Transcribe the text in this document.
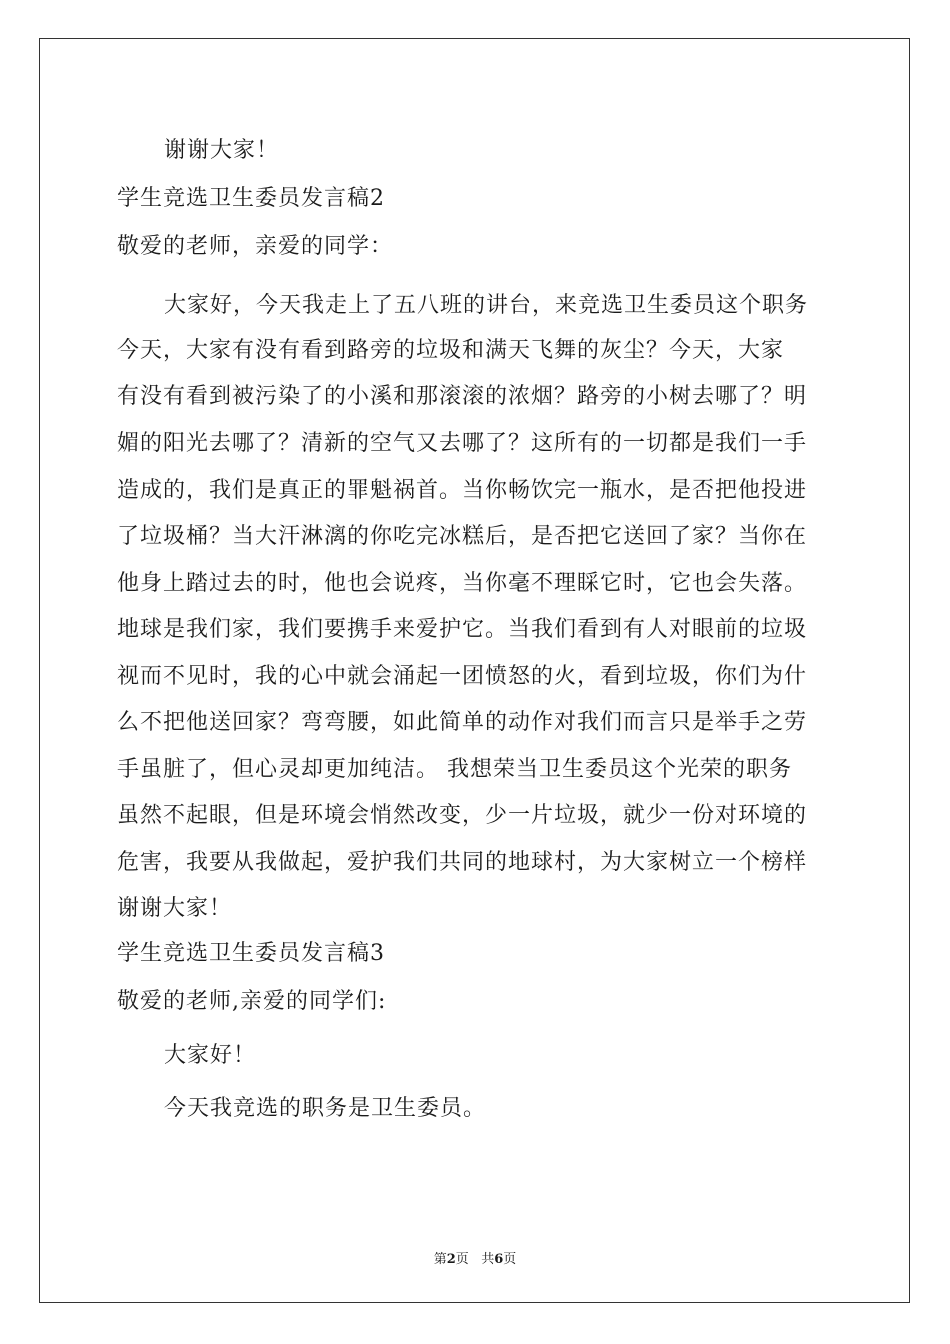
谢谢大家！
学生竞选卫生委员发言稿2
敬爱的老师，亲爱的同学：
大家好，今天我走上了五八班的讲台，来竞选卫生委员这个职务
今天，大家有没有看到路旁的垃圾和满天飞舞的灰尘？今天，大家
有没有看到被污染了的小溪和那滚滚的浓烟？路旁的小树去哪了？明
媚的阳光去哪了？清新的空气又去哪了？这所有的一切都是我们一手
造成的，我们是真正的罪魁祸首。当你畅饮完一瓶水，是否把他投进
了垃圾桶？当大汗淋漓的你吃完冰糕后，是否把它送回了家？当你在
他身上踏过去的时，他也会说疼，当你毫不理睬它时，它也会失落。
地球是我们家，我们要携手来爱护它。当我们看到有人对眼前的垃圾
视而不见时，我的心中就会涌起一团愤怒的火，看到垃圾，你们为什
么不把他送回家？弯弯腰，如此简单的动作对我们而言只是举手之劳
手虽脏了，但心灵却更加纯洁。 我想荣当卫生委员这个光荣的职务
虽然不起眼，但是环境会悄然改变，少一片垃圾，就少一份对环境的
危害，我要从我做起，爱护我们共同的地球村，为大家树立一个榜样
谢谢大家！
学生竞选卫生委员发言稿3
敬爱的老师,亲爱的同学们:
大家好！
今天我竞选的职务是卫生委员。
第2页 共6页
